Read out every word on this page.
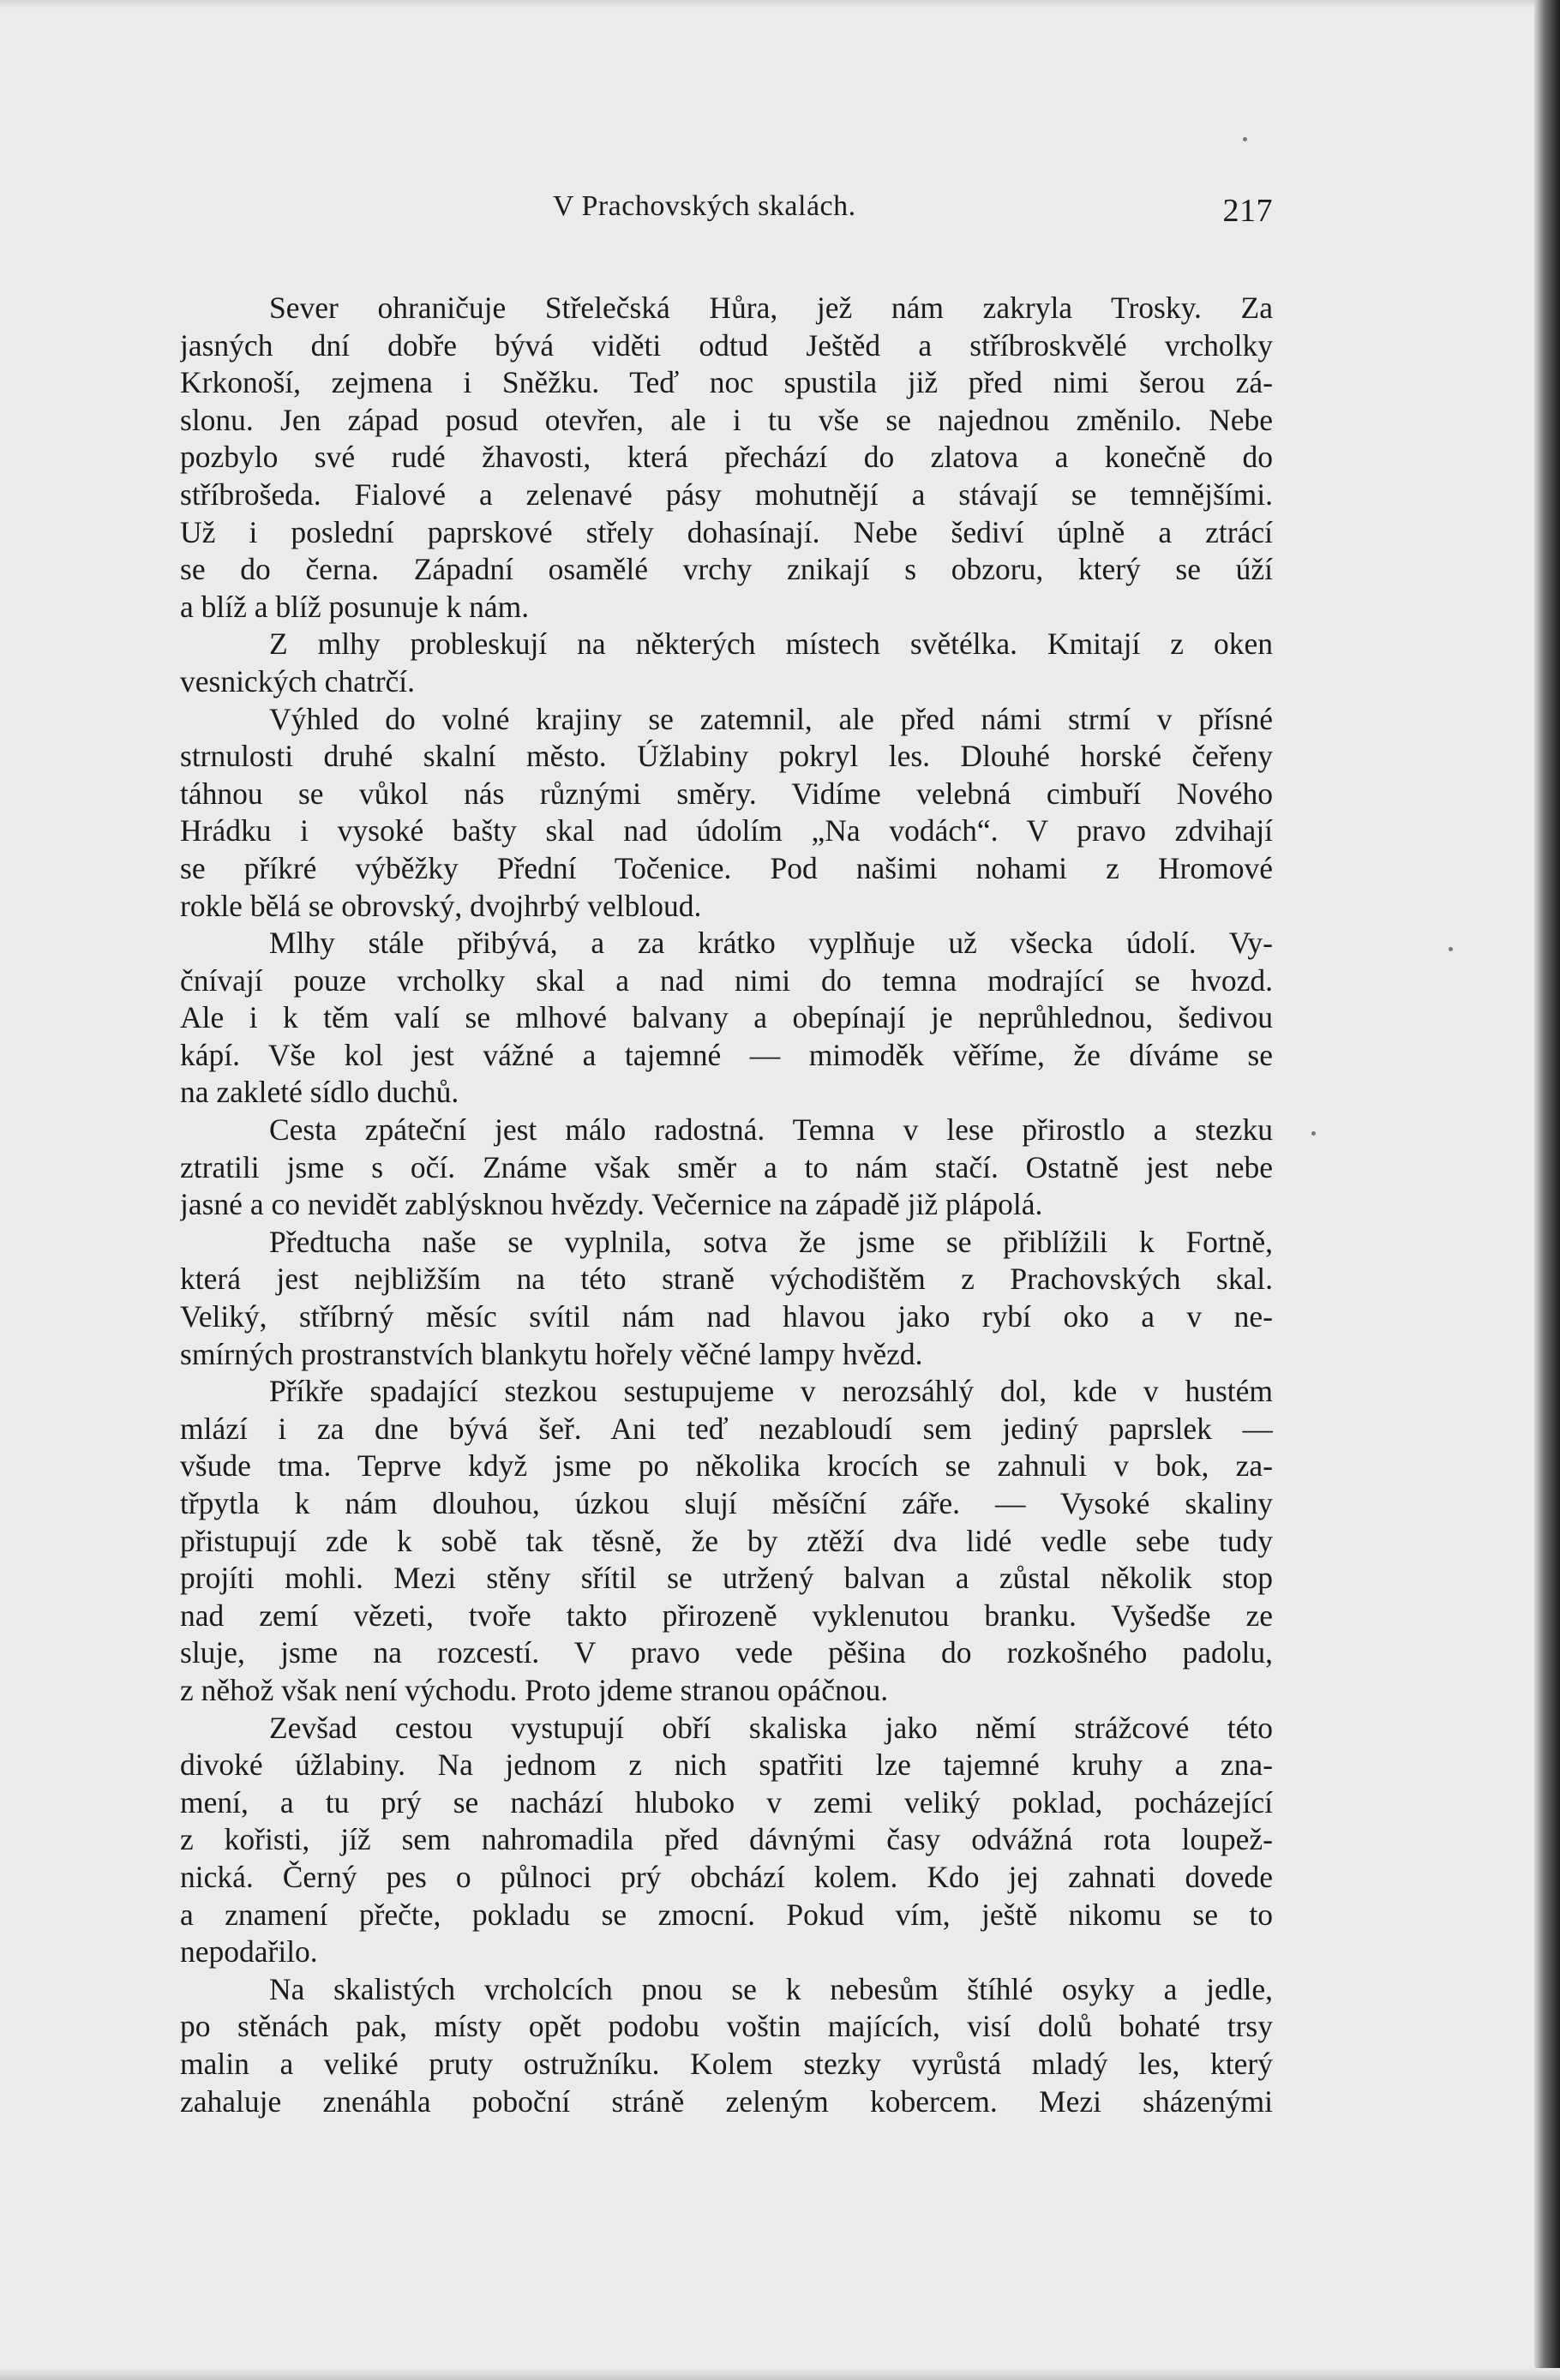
V Prachovských skalách.	217
Sever ohraničuje Střelečská Hůra, jež nám zakryla Trosky. Za
jasných dní dobře bývá viděti odtud Ještěd a stříbroskvělé vrcholky
Krkonoší, zejmena i Sněžku. Teď noc spustila již před nimi šerou zá-
slonu. Jen západ posud otevřen, ale i tu vše se najednou změnilo. Nebe
pozbylo své rudé žhavosti, která přechází do zlatova a konečně do
stříbrošeda. Fialové a zelenavé pásy mohutnějí a stávají se temnějšími.
Už i poslední paprskové střely dohasínají. Nebe šediví úplně a ztrácí
se do černa. Západní osamělé vrchy znikají s obzoru, který se úží
a blíž a blíž posunuje k nám.
Z mlhy probleskují na některých místech světélka. Kmitají z oken
vesnických chatrčí.
Výhled do volné krajiny se zatemnil, ale před námi strmí v přísné
strnulosti druhé skalní město. Úžlabiny pokryl les. Dlouhé horské čeřeny
táhnou se vůkol nás různými směry. Vidíme velebná cimbuří Nového
Hrádku i vysoké bašty skal nad údolím „Na vodách“. V pravo zdvihají
se příkré výběžky Přední Točenice. Pod našimi nohami z Hromové
rokle bělá se obrovský, dvojhrbý velbloud.
Mlhy stále přibývá, a za krátko vyplňuje už všecka údolí. Vy-
čnívají pouze vrcholky skal a nad nimi do temna modrající se hvozd.
Ale i k těm valí se mlhové balvany a obepínají je neprůhlednou, šedivou
kápí. Vše kol jest vážné a tajemné — mimoděk věříme, že díváme se
na zakleté sídlo duchů.
Cesta zpáteční jest málo radostná. Temna v lese přirostlo a stezku
ztratili jsme s očí. Známe však směr a to nám stačí. Ostatně jest nebe
jasné a co nevidět zablýsknou hvězdy. Večernice na západě již plápolá.
Předtucha naše se vyplnila, sotva že jsme se přiblížili k Fortně,
která jest nejbližším na této straně východištěm z Prachovských skal.
Veliký, stříbrný měsíc svítil nám nad hlavou jako rybí oko a v ne-
smírných prostranstvích blankytu hořely věčné lampy hvězd.
Příkře spadající stezkou sestupujeme v nerozsáhlý dol, kde v hustém
mlází i za dne bývá šeř. Ani teď nezabloudí sem jediný paprslek —
všude tma. Teprve když jsme po několika krocích se zahnuli v bok, za-
třpytla k nám dlouhou, úzkou slují měsíční záře. — Vysoké skaliny
přistupují zde k sobě tak těsně, že by ztěží dva lidé vedle sebe tudy
projíti mohli. Mezi stěny sřítil se utržený balvan a zůstal několik stop
nad zemí vězeti, tvoře takto přirozeně vyklenutou branku. Vyšedše ze
sluje, jsme na rozcestí. V pravo vede pěšina do rozkošného padolu,
z něhož však není východu. Proto jdeme stranou opáčnou.
Zevšad cestou vystupují obří skaliska jako němí strážcové této
divoké úžlabiny. Na jednom z nich spatřiti lze tajemné kruhy a zna-
mení, a tu prý se nachází hluboko v zemi veliký poklad, pocházející
z kořisti, jíž sem nahromadila před dávnými časy odvážná rota loupež-
nická. Černý pes o půlnoci prý obchází kolem. Kdo jej zahnati dovede
a znamení přečte, pokladu se zmocní. Pokud vím, ještě nikomu se to
nepodařilo.
Na skalistých vrcholcích pnou se k nebesům štíhlé osyky a jedle,
po stěnách pak, místy opět podobu voštin majících, visí dolů bohaté trsy
malin a veliké pruty ostružníku. Kolem stezky vyrůstá mladý les, který
zahaluje znenáhla poboční stráně zeleným kobercem. Mezi sházenými
